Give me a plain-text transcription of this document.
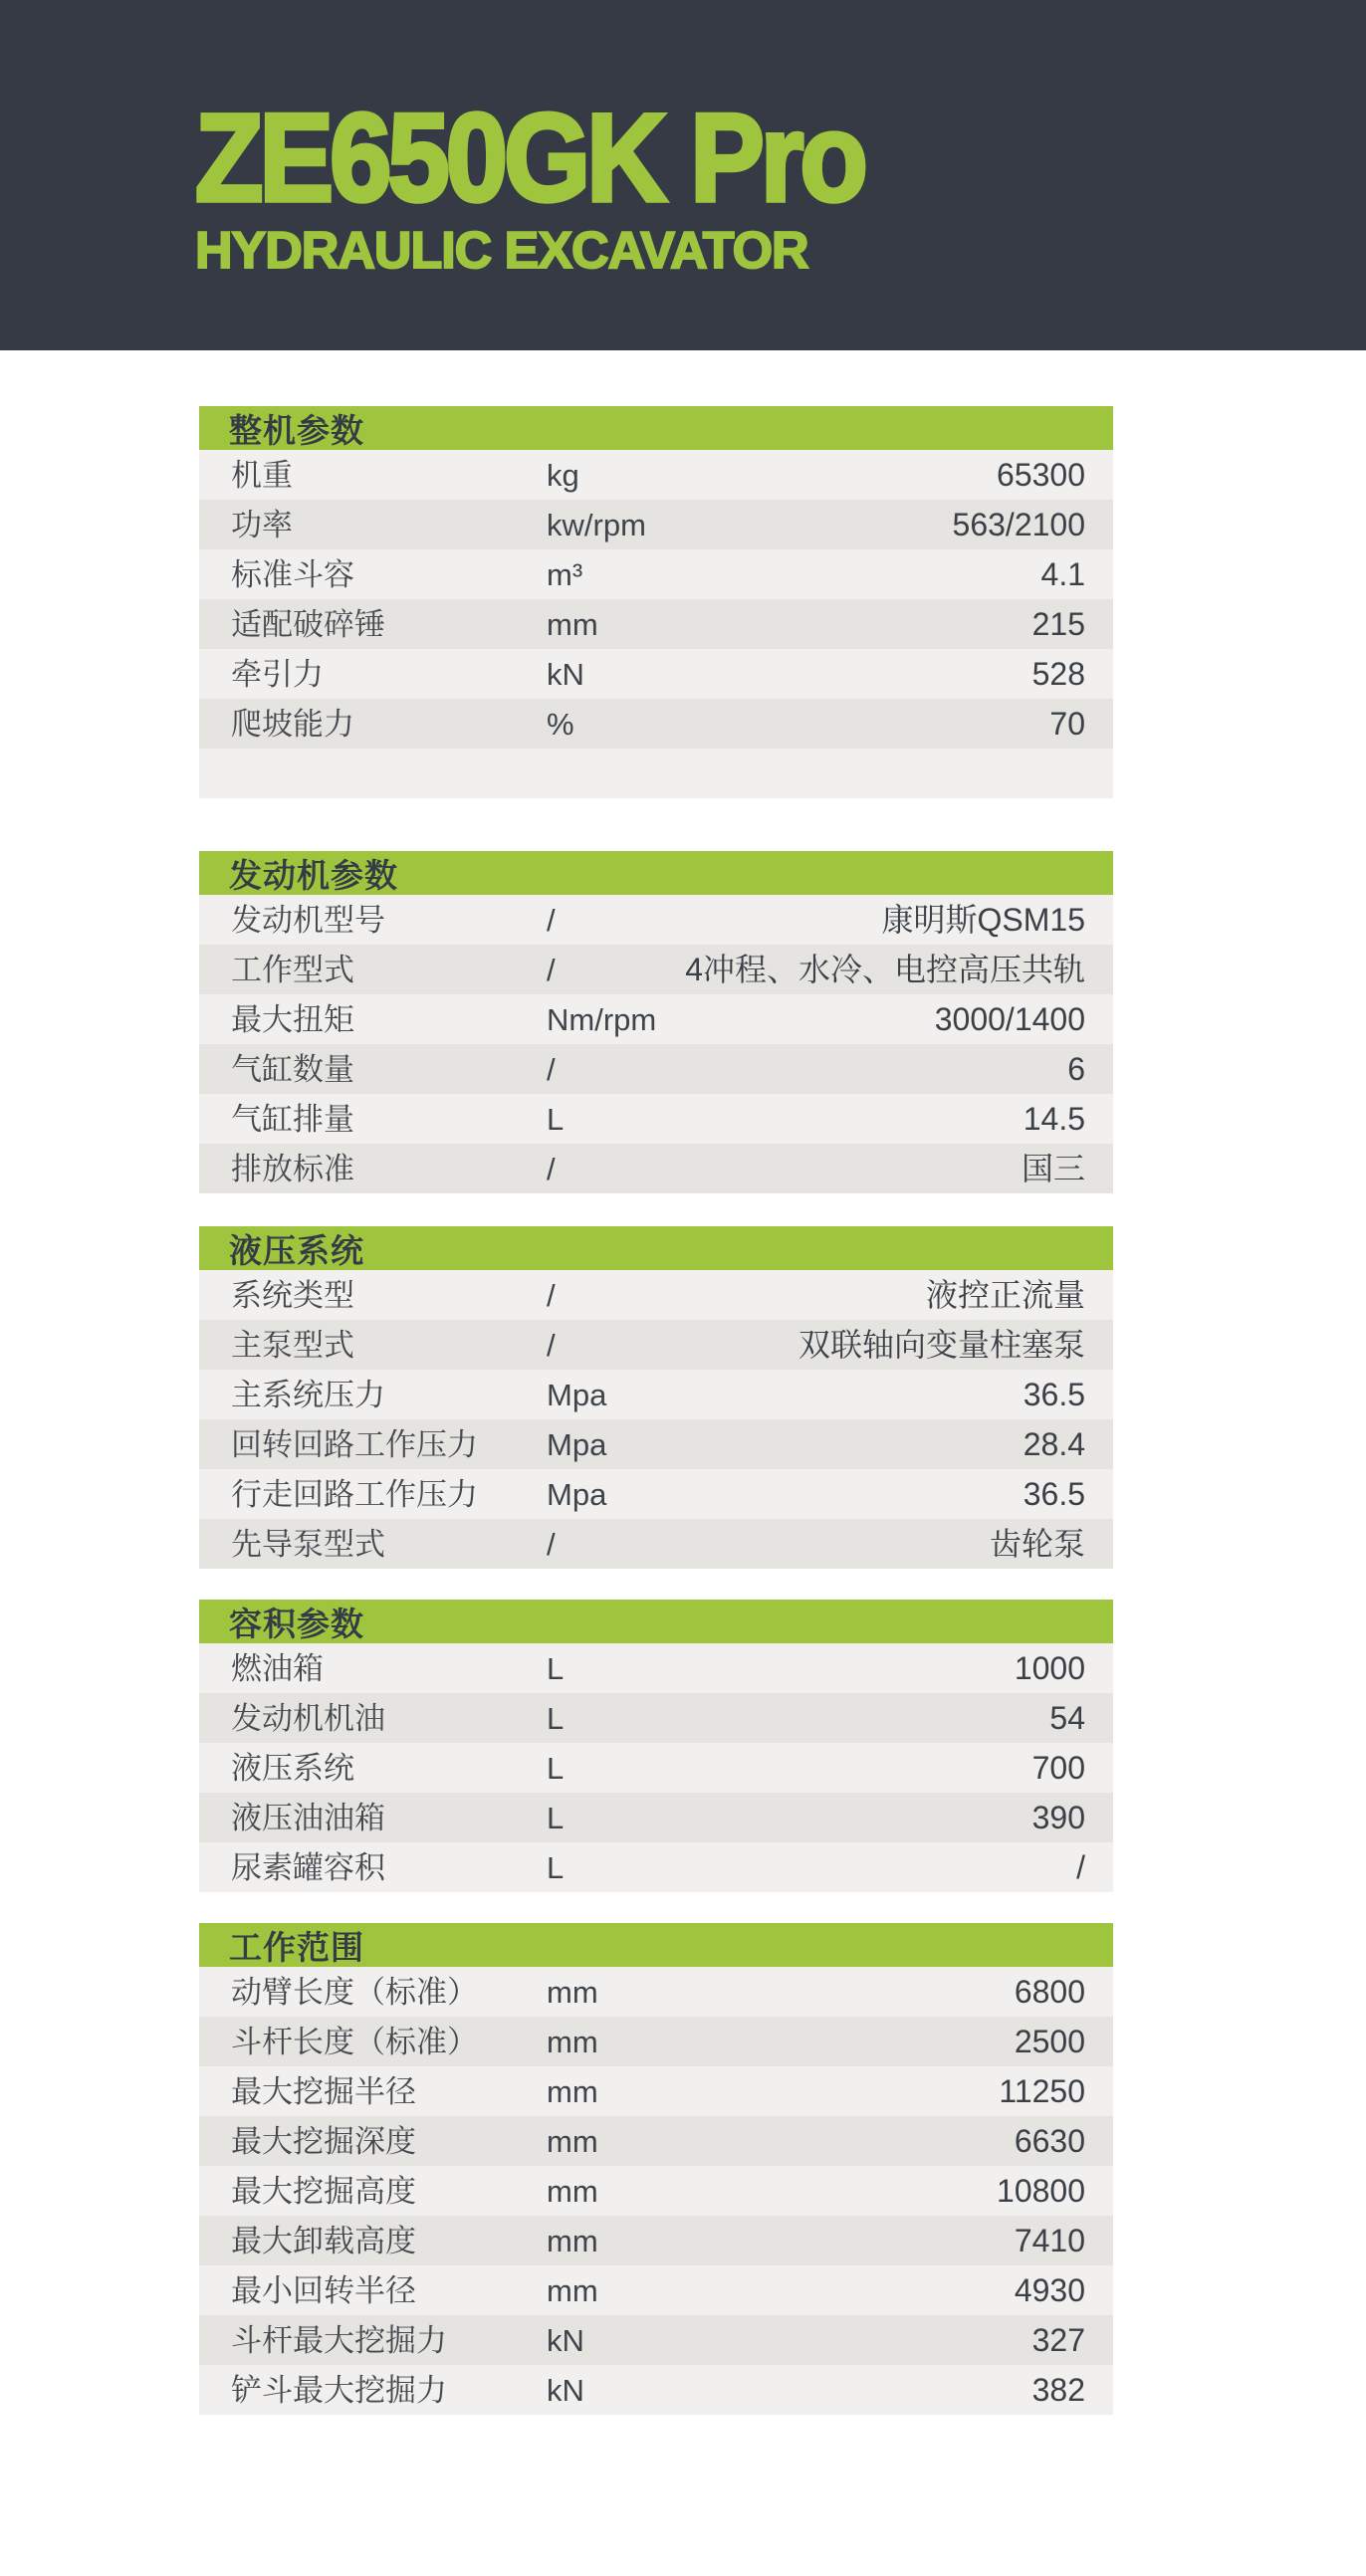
ZE650GK Pro
HYDRAULIC EXCAVATOR
整机参数
机重	kg	65300
功率	kw/rpm	563/2100
标准斗容	m³	4.1
适配破碎锤	mm	215
牵引力	kN	528
爬坡能力	%	70
发动机参数
发动机型号	/	康明斯QSM15
工作型式	/	4冲程、水冷、电控高压共轨
最大扭矩	Nm/rpm	3000/1400
气缸数量	/	6
气缸排量	L	14.5
排放标准	/	国三
液压系统
系统类型	/	液控正流量
主泵型式	/	双联轴向变量柱塞泵
主系统压力	Mpa	36.5
回转回路工作压力	Mpa	28.4
行走回路工作压力	Mpa	36.5
先导泵型式	/	齿轮泵
容积参数
燃油箱	L	1000
发动机机油	L	54
液压系统	L	700
液压油油箱	L	390
尿素罐容积	L	/
工作范围
动臂长度（标准）	mm	6800
斗杆长度（标准）	mm	2500
最大挖掘半径	mm	11250
最大挖掘深度	mm	6630
最大挖掘高度	mm	10800
最大卸载高度	mm	7410
最小回转半径	mm	4930
斗杆最大挖掘力	kN	327
铲斗最大挖掘力	kN	382
